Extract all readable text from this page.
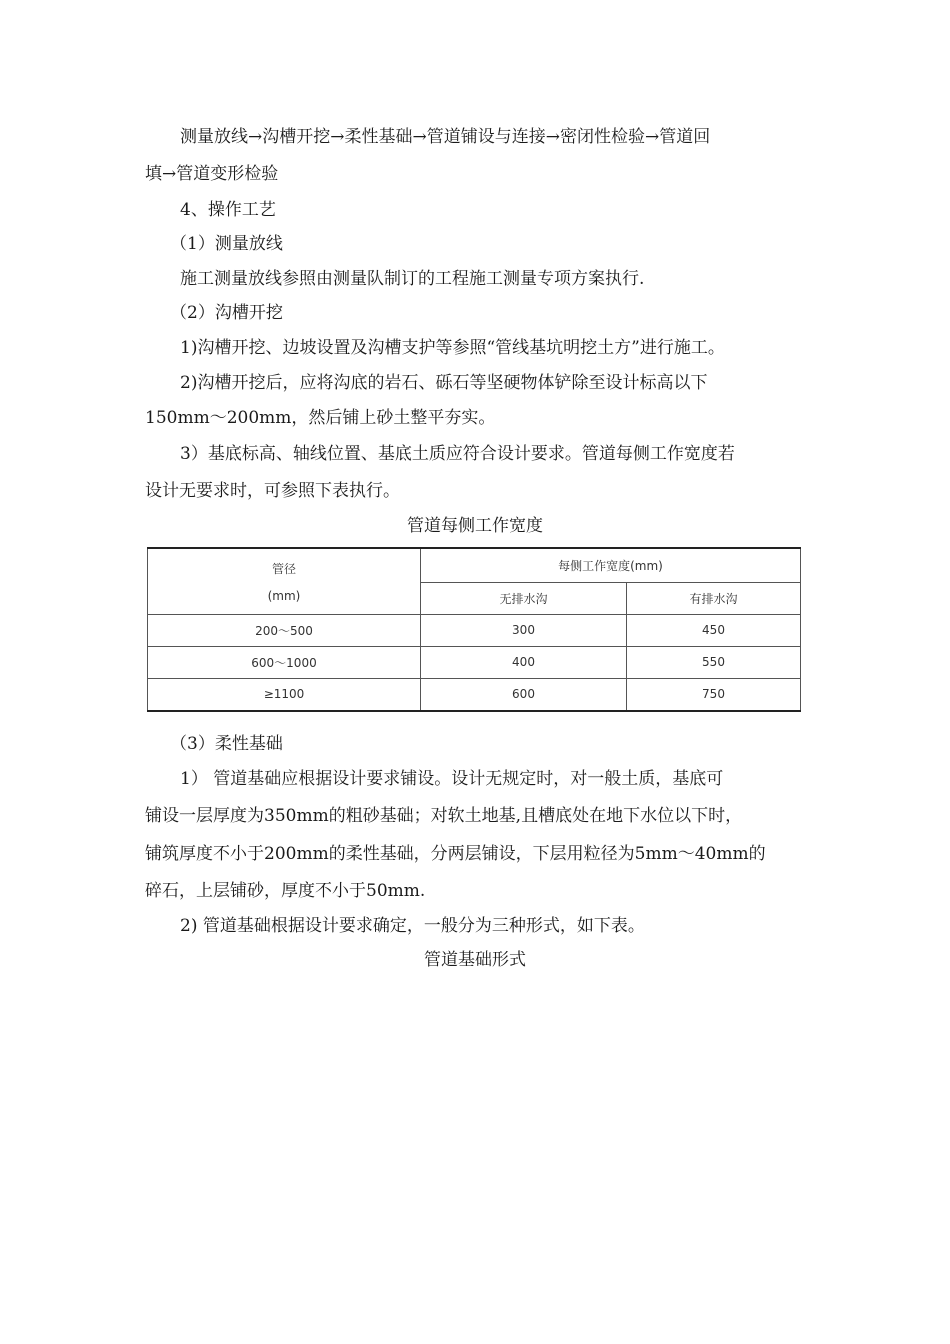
测量放线→沟槽开挖→柔性基础→管道铺设与连接→密闭性检验→管道回
填→管道变形检验
4、操作工艺
（1）测量放线
施工测量放线参照由测量队制订的工程施工测量专项方案执行.
（2）沟槽开挖
1)沟槽开挖、边坡设置及沟槽支护等参照“管线基坑明挖土方”进行施工。
2)沟槽开挖后，应将沟底的岩石、砾石等坚硬物体铲除至设计标高以下
150mm～200mm，然后铺上砂土整平夯实。
3）基底标高、轴线位置、基底土质应符合设计要求。管道每侧工作宽度若
设计无要求时，可参照下表执行。
管道每侧工作宽度
管径
(mm)	每侧工作宽度(mm)	
	无排水沟	有排水沟
200～500	300	450
600～1000	400	550
≥1100	600	750
（3）柔性基础
1） 管道基础应根据设计要求铺设。设计无规定时，对一般土质，基底可
铺设一层厚度为350mm的粗砂基础；对软土地基,且槽底处在地下水位以下时，
铺筑厚度不小于200mm的柔性基础，分两层铺设，下层用粒径为5mm～40mm的
碎石，上层铺砂，厚度不小于50mm.
2) 管道基础根据设计要求确定，一般分为三种形式，如下表。
管道基础形式
